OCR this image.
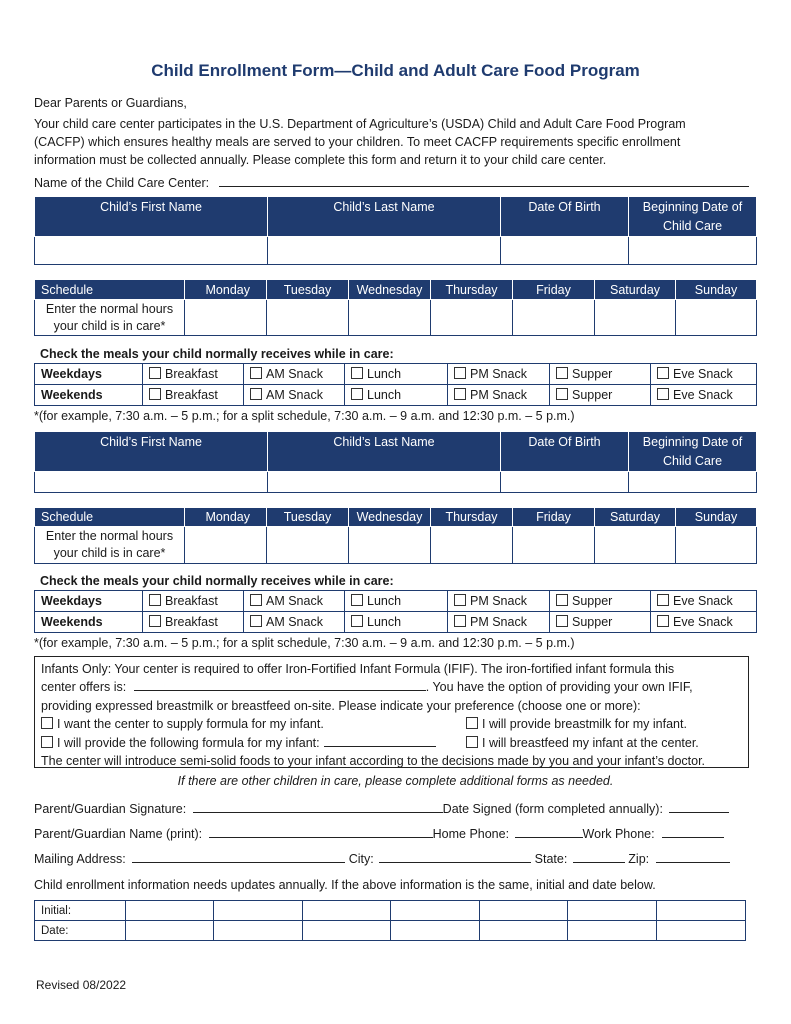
Child Enrollment Form—Child and Adult Care Food Program
Dear Parents or Guardians,
Your child care center participates in the U.S. Department of Agriculture’s (USDA) Child and Adult Care Food Program
(CACFP) which ensures healthy meals are served to your children. To meet CACFP requirements specific enrollment
information must be collected annually. Please complete this form and return it to your child care center.
Name of the Child Care Center:
Child’s First Name	Child’s Last Name	Date Of Birth	Beginning Date of Child Care

Schedule	Monday	Tuesday	Wednesday	Thursday	Friday	Saturday	Sunday
Enter the normal hours your child is in care*							
Check the meals your child normally receives while in care:
Weekdays	Breakfast	AM Snack	Lunch	PM Snack	Supper	Eve Snack
Weekends	Breakfast	AM Snack	Lunch	PM Snack	Supper	Eve Snack
*(for example, 7:30 a.m. – 5 p.m.; for a split schedule, 7:30 a.m. – 9 a.m. and 12:30 p.m. – 5 p.m.)
Child’s First Name	Child’s Last Name	Date Of Birth	Beginning Date of Child Care

Schedule	Monday	Tuesday	Wednesday	Thursday	Friday	Saturday	Sunday
Enter the normal hours your child is in care*							
Check the meals your child normally receives while in care:
Weekdays	Breakfast	AM Snack	Lunch	PM Snack	Supper	Eve Snack
Weekends	Breakfast	AM Snack	Lunch	PM Snack	Supper	Eve Snack
*(for example, 7:30 a.m. – 5 p.m.; for a split schedule, 7:30 a.m. – 9 a.m. and 12:30 p.m. – 5 p.m.)
Infants Only: Your center is required to offer Iron-Fortified Infant Formula (IFIF). The iron-fortified infant formula this
center offers is:	. You have the option of providing your own IFIF,
providing expressed breastmilk or breastfeed on-site. Please indicate your preference (choose one or more):
I want the center to supply formula for my infant.	I will provide breastmilk for my infant.
I will provide the following formula for my infant:	I will breastfeed my infant at the center.
The center will introduce semi-solid foods to your infant according to the decisions made by you and your infant’s doctor.
If there are other children in care, please complete additional forms as needed.
Parent/Guardian Signature:	Date Signed (form completed annually):
Parent/Guardian Name (print):	Home Phone:	Work Phone:
Mailing Address:	City:	State:	Zip:
Child enrollment information needs updates annually. If the above information is the same, initial and date below.
Initial:							
Date:							
Revised 08/2022
